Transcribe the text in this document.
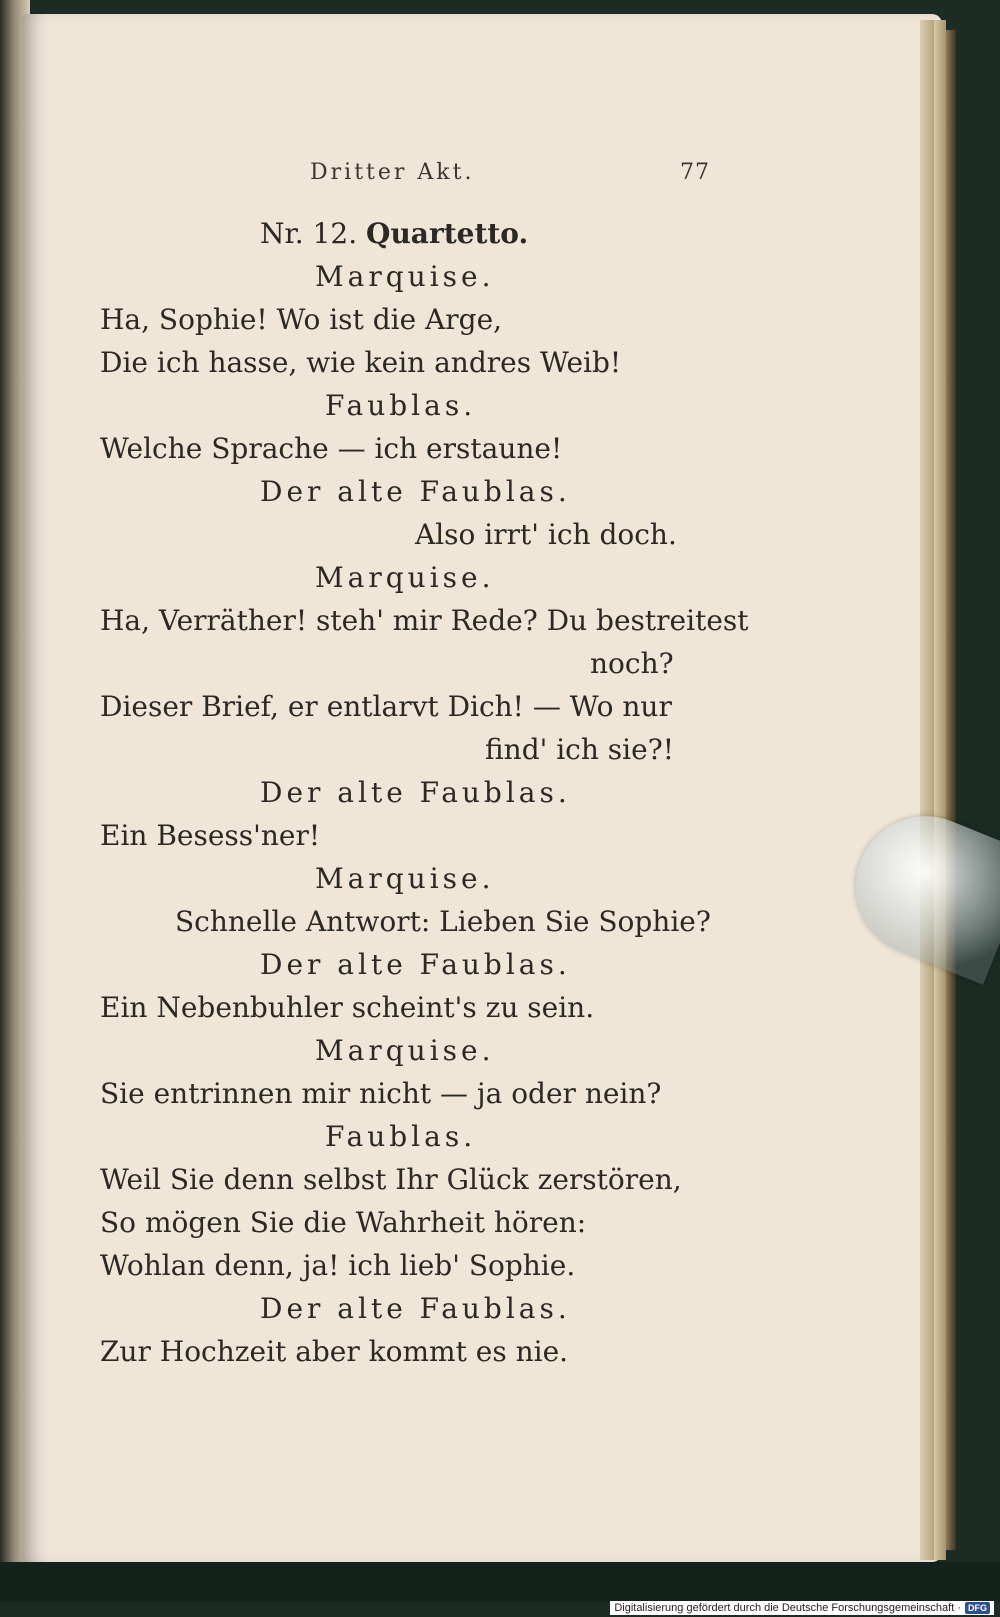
Dritter Akt.	77
Nr. 12. Quartetto.
Marquise.
Ha, Sophie! Wo ist die Arge,
Die ich hasse, wie kein andres Weib!
Faublas.
Welche Sprache — ich erstaune!
Der alte Faublas.
Also irrt' ich doch.
Marquise.
Ha, Verräther! steh' mir Rede? Du bestreitest
noch?
Dieser Brief, er entlarvt Dich! — Wo nur
find' ich sie?!
Der alte Faublas.
Ein Besess'ner!
Marquise.
Schnelle Antwort: Lieben Sie Sophie?
Der alte Faublas.
Ein Nebenbuhler scheint's zu sein.
Marquise.
Sie entrinnen mir nicht — ja oder nein?
Faublas.
Weil Sie denn selbst Ihr Glück zerstören,
So mögen Sie die Wahrheit hören:
Wohlan denn, ja! ich lieb' Sophie.
Der alte Faublas.
Zur Hochzeit aber kommt es nie.
Digitalisierung gefördert durch die Deutsche Forschungsgemeinschaft · DFG
